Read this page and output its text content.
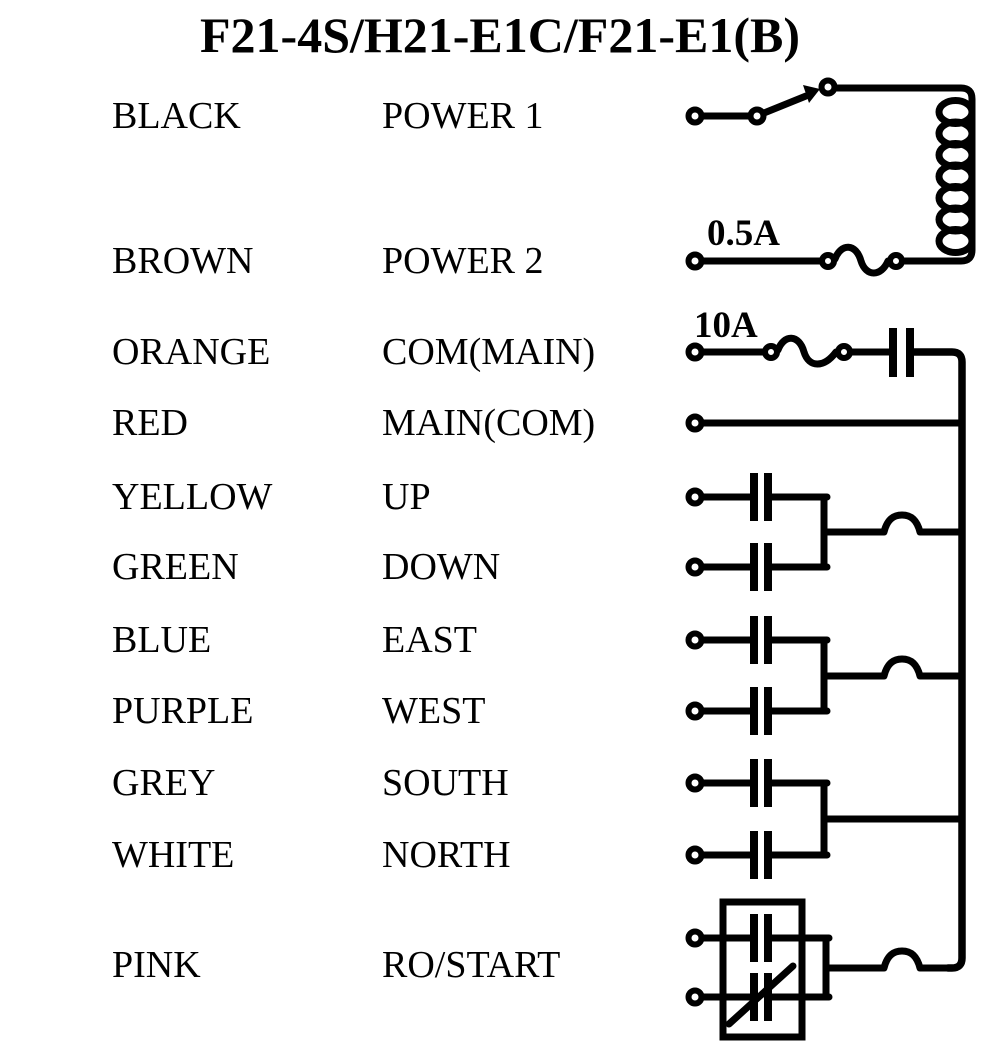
F21-4S/H21-E1C/F21-E1(B)
BLACK	POWER 1
BROWN	POWER 2
ORANGE	COM(MAIN)
RED	MAIN(COM)
YELLOW	UP
GREEN	DOWN
BLUE	EAST
PURPLE	WEST
GREY	SOUTH
WHITE	NORTH
PINK	RO/START
0.5A
10A
